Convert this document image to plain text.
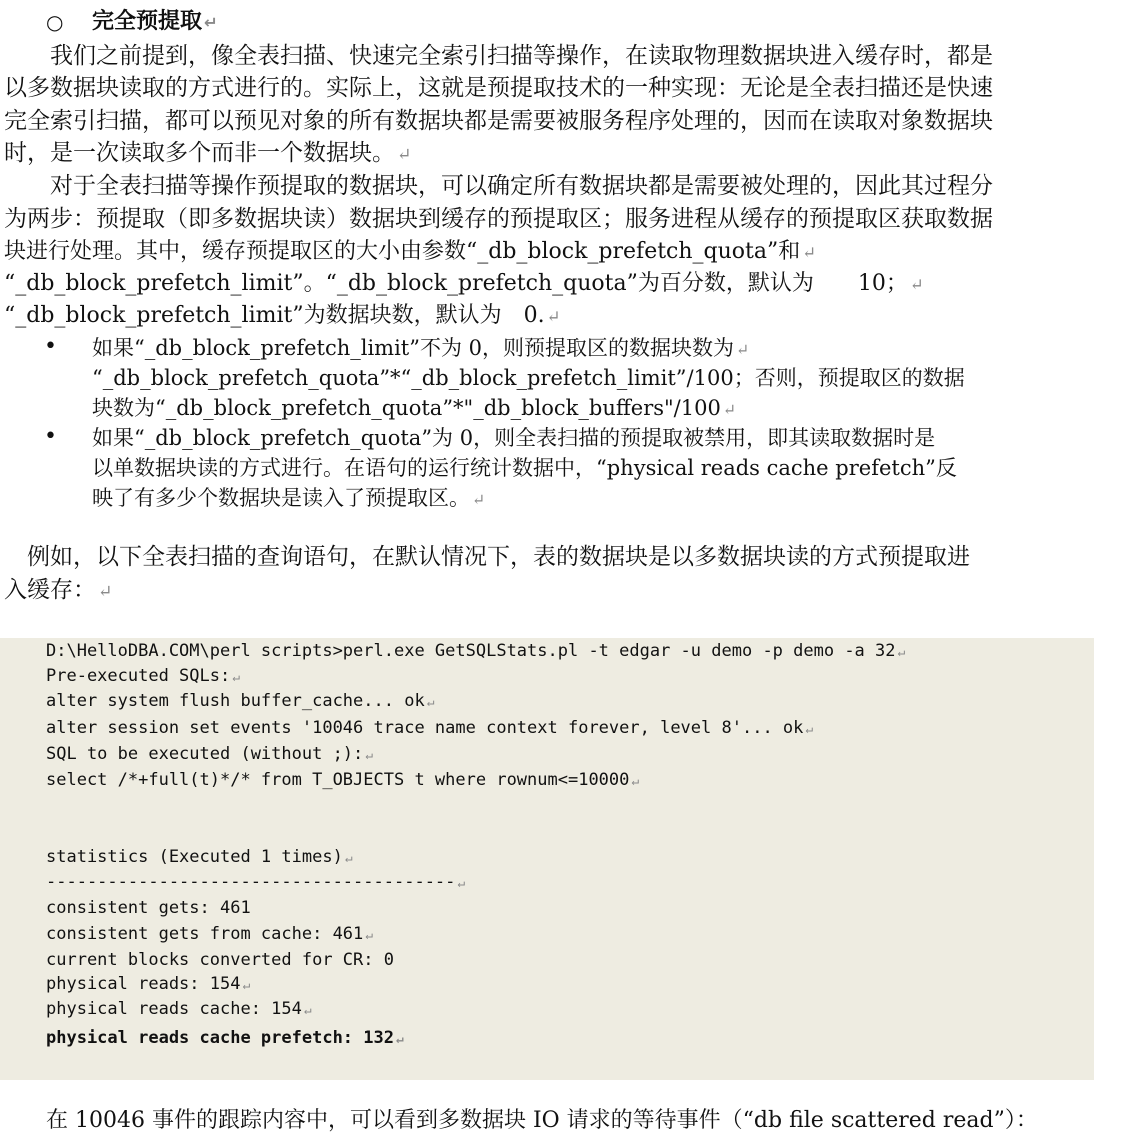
○ 完全预提取 ↵
　　我们之前提到，像全表扫描、快速完全索引扫描等操作，在读取物理数据块进入缓存时，都是
以多数据块读取的方式进行的。实际上，这就是预提取技术的一种实现：无论是全表扫描还是快速
完全索引扫描，都可以预见对象的所有数据块都是需要被服务程序处理的，因而在读取对象数据块
时，是一次读取多个而非一个数据块。 ↵
　　对于全表扫描等操作预提取的数据块，可以确定所有数据块都是需要被处理的，因此其过程分
为两步：预提取（即多数据块读）数据块到缓存的预提取区；服务进程从缓存的预提取区获取数据
块进行处理。其中，缓存预提取区的大小由参数“_db_block_prefetch_quota”和 ↵
“_db_block_prefetch_limit”。“_db_block_prefetch_quota”为百分数，默认为　　10； ↵
“_db_block_prefetch_limit”为数据块数，默认为　0. ↵
• 如果“_db_block_prefetch_limit”不为 0，则预提取区的数据块数为 ↵
“_db_block_prefetch_quota”*“_db_block_prefetch_limit”/100；否则，预提取区的数据
块数为“_db_block_prefetch_quota”*"_db_block_buffers"/100 ↵
• 如果“_db_block_prefetch_quota”为 0，则全表扫描的预提取被禁用，即其读取数据时是
以单数据块读的方式进行。在语句的运行统计数据中，“physical reads cache prefetch”反
映了有多少个数据块是读入了预提取区。 ↵
　例如，以下全表扫描的查询语句，在默认情况下，表的数据块是以多数据块读的方式预提取进
入缓存： ↵
D:\HelloDBA.COM\perl scripts>perl.exe GetSQLStats.pl -t edgar -u demo -p demo -a 32 ↵
Pre-executed SQLs: ↵
alter system flush buffer_cache... ok ↵
alter session set events '10046 trace name context forever, level 8'... ok ↵
SQL to be executed (without ;): ↵
select /*+full(t)*/* from T_OBJECTS t where rownum<=10000 ↵
statistics (Executed 1 times) ↵
---------------------------------------- ↵
consistent gets: 461
consistent gets from cache: 461 ↵
current blocks converted for CR: 0
physical reads: 154 ↵
physical reads cache: 154 ↵
physical reads cache prefetch: 132 ↵
在 10046 事件的跟踪内容中，可以看到多数据块 IO 请求的等待事件（“db file scattered read”）：
